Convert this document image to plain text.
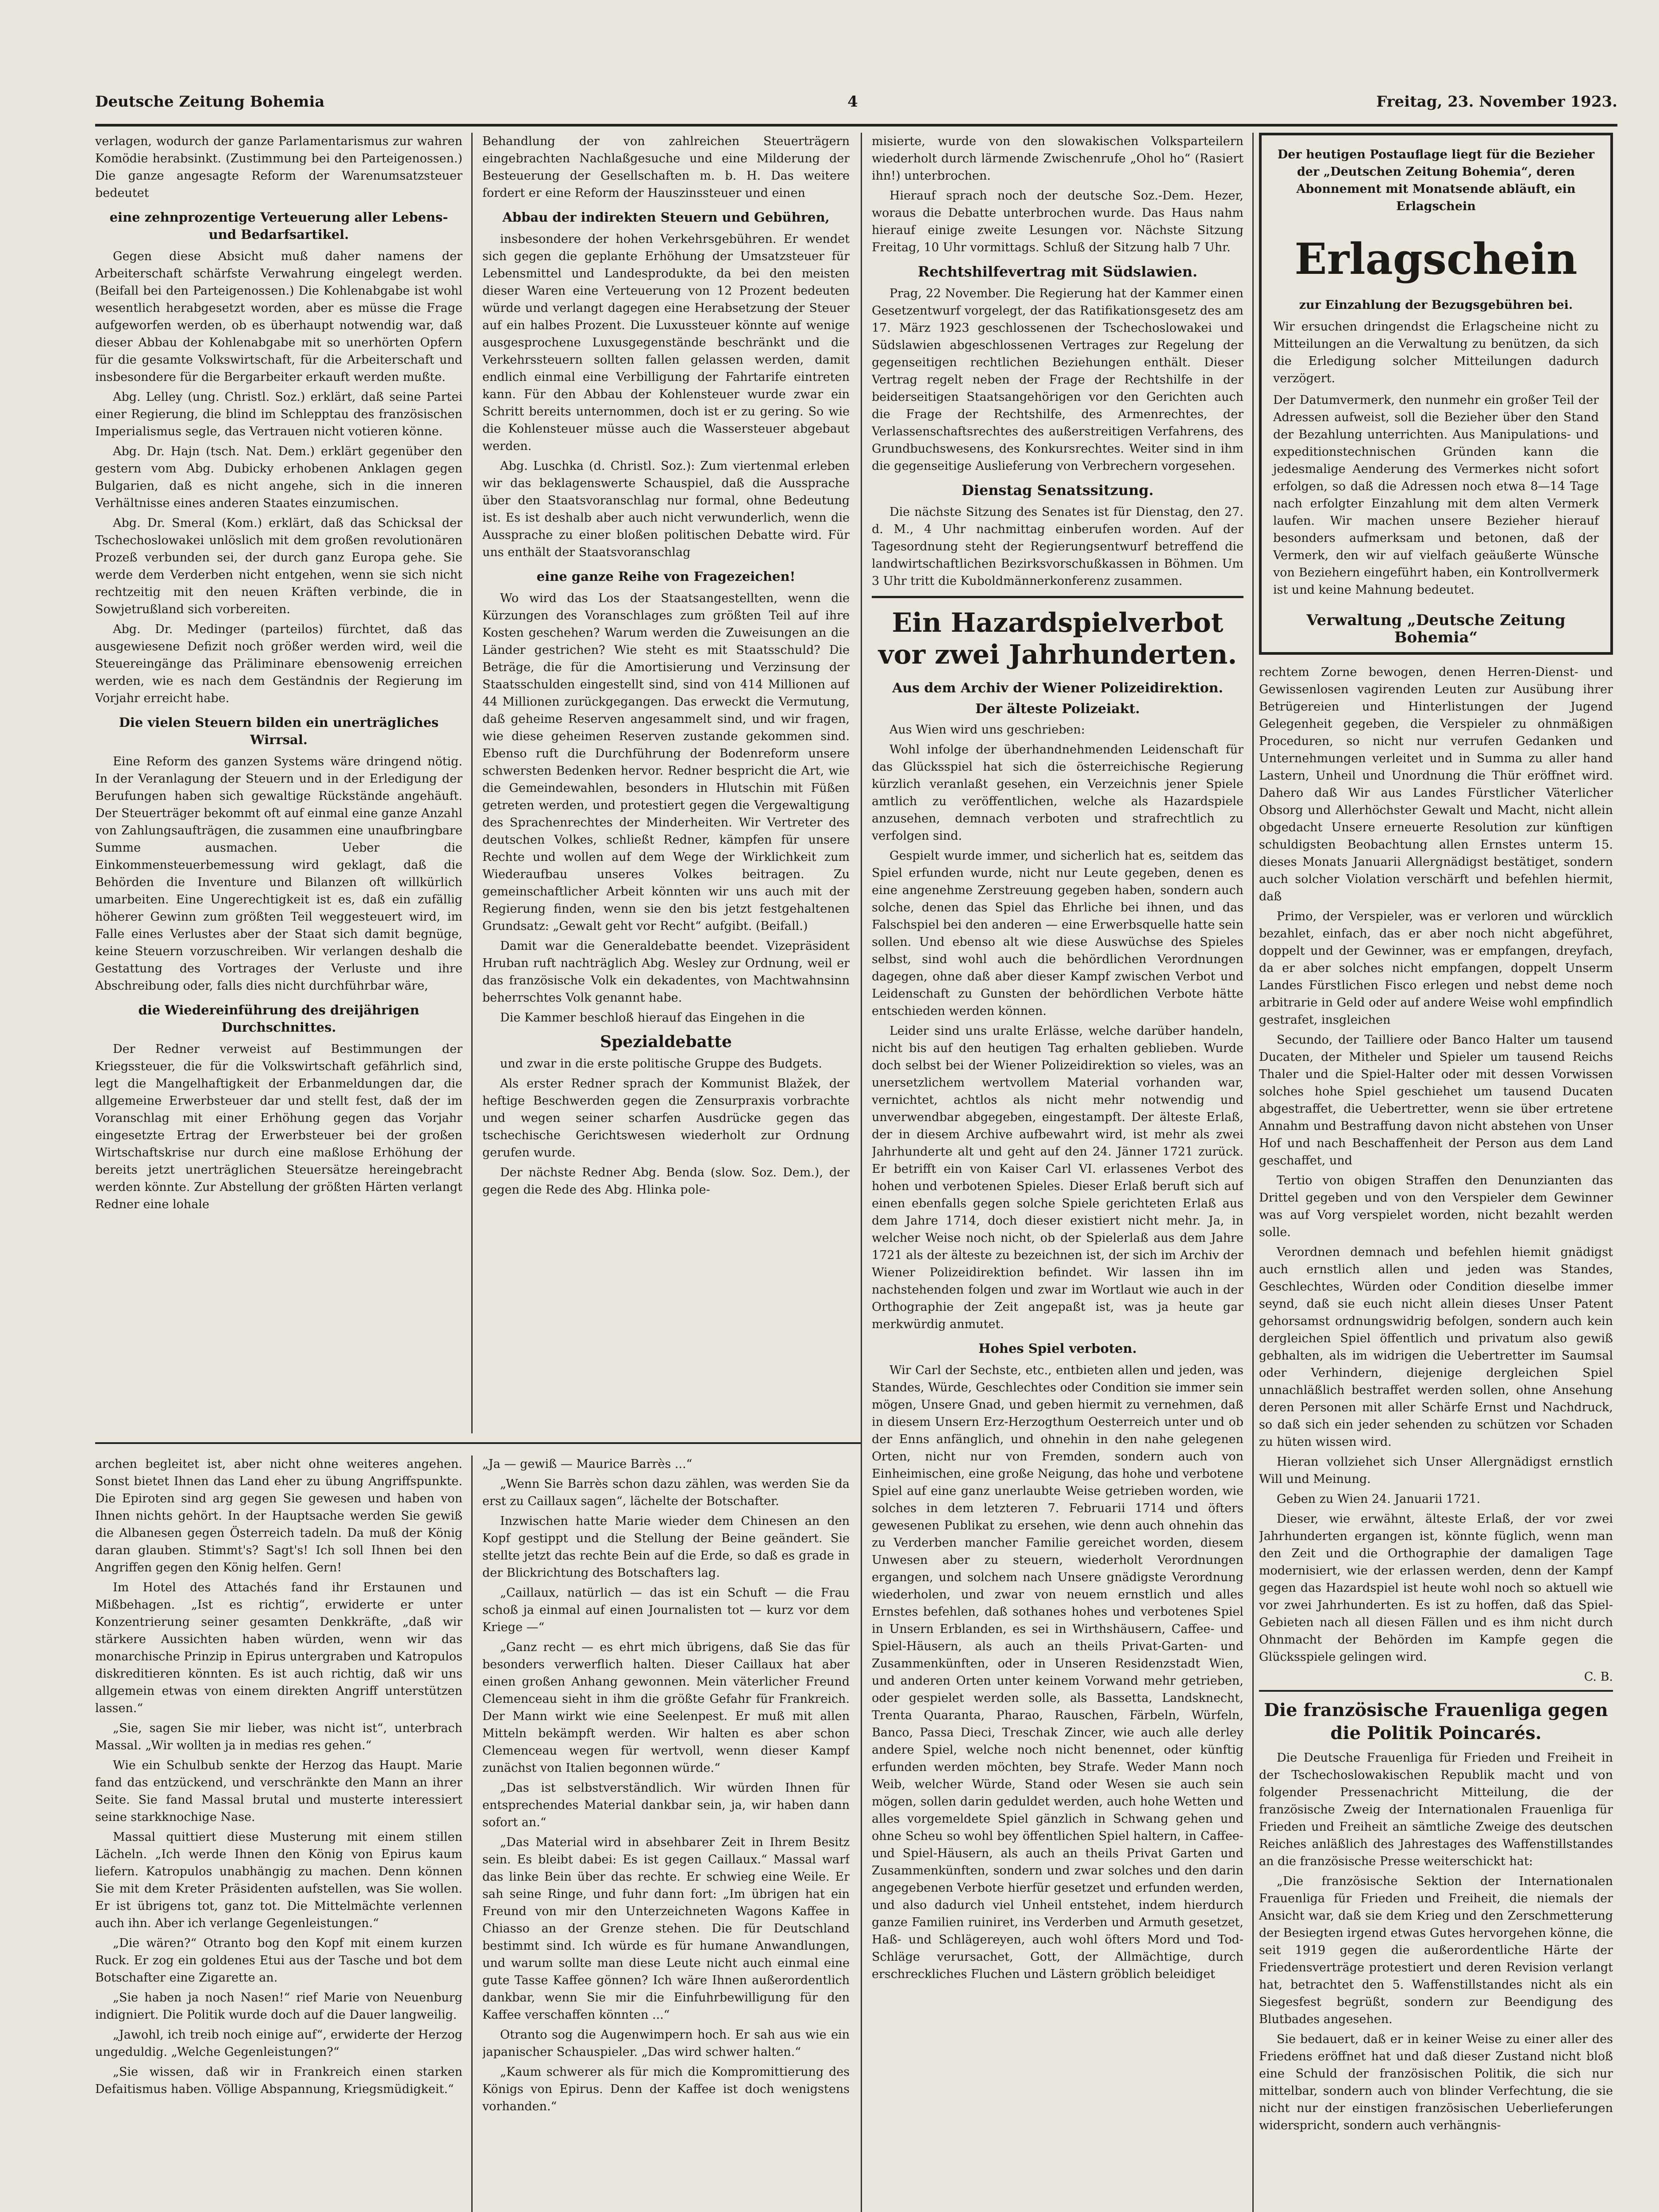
Deutsche Zeitung Bohemia	4	Freitag, 23. November 1923.

verlagen, wodurch der ganze Parlamentarismus zur wahren Komödie herabsinkt. (Zustimmung bei den Parteigenossen.) Die ganze angesagte Reform der Warenumsatzsteuer bedeutet

eine zehnprozentige Verteuerung aller Lebens- und Bedarfsartikel.

Gegen diese Absicht muß daher namens der Arbeiterschaft schärfste Verwahrung eingelegt werden. (Beifall bei den Parteigenossen.) Die Kohlenabgabe ist wohl wesentlich herabgesetzt worden, aber es müsse die Frage aufgeworfen werden, ob es überhaupt notwendig war, daß dieser Abbau der Kohlenabgabe mit so unerhörten Opfern für die gesamte Volkswirtschaft, für die Arbeiterschaft und insbesondere für die Bergarbeiter erkauft werden mußte.

Abg. Lelley (ung. Christl. Soz.) erklärt, daß seine Partei einer Regierung, die blind im Schlepptau des französischen Imperialismus segle, das Vertrauen nicht votieren könne.

Abg. Dr. Hajn (tsch. Nat. Dem.) erklärt gegenüber den gestern vom Abg. Dubicky erhobenen Anklagen gegen Bulgarien, daß es nicht angehe, sich in die inneren Verhältnisse eines anderen Staates einzumischen.

Abg. Dr. Smeral (Kom.) erklärt, daß das Schicksal der Tschechoslowakei unlöslich mit dem großen revolutionären Prozeß verbunden sei, der durch ganz Europa gehe. Sie werde dem Verderben nicht entgehen, wenn sie sich nicht rechtzeitig mit den neuen Kräften verbinde, die in Sowjetrußland sich vorbereiten.

Abg. Dr. Medinger (parteilos) fürchtet, daß das ausgewiesene Defizit noch größer werden wird, weil die Steuereingänge das Präliminare ebensowenig erreichen werden, wie es nach dem Geständnis der Regierung im Vorjahr erreicht habe.

Die vielen Steuern bilden ein unerträgliches Wirrsal.

Eine Reform des ganzen Systems wäre dringend nötig. In der Veranlagung der Steuern und in der Erledigung der Berufungen haben sich gewaltige Rückstände angehäuft. Der Steuerträger bekommt oft auf einmal eine ganze Anzahl von Zahlungsaufträgen, die zusammen eine unaufbringbare Summe ausmachen. Ueber die Einkommensteuerbemessung wird geklagt, daß die Behörden die Inventure und Bilanzen oft willkürlich umarbeiten. Eine Ungerechtigkeit ist es, daß ein zufällig höherer Gewinn zum größten Teil weggesteuert wird, im Falle eines Verlustes aber der Staat sich damit begnüge, keine Steuern vorzuschreiben. Wir verlangen deshalb die Gestattung des Vortrages der Verluste und ihre Abschreibung oder, falls dies nicht durchführbar wäre,

die Wiedereinführung des dreijährigen Durchschnittes.

Der Redner verweist auf Bestimmungen der Kriegssteuer, die für die Volkswirtschaft gefährlich sind, legt die Mangelhaftigkeit der Erbanmeldungen dar, die allgemeine Erwerbsteuer dar und stellt fest, daß der im Voranschlag mit einer Erhöhung gegen das Vorjahr eingesetzte Ertrag der Erwerbsteuer bei der großen Wirtschaftskrise nur durch eine maßlose Erhöhung der bereits jetzt unerträglichen Steuersätze hereingebracht werden könnte. Zur Abstellung der größten Härten verlangt Redner eine lohale

Behandlung der von zahlreichen Steuerträgern eingebrachten Nachlaßgesuche und eine Milderung der Besteuerung der Gesellschaften m. b. H. Das weitere fordert er eine Reform der Hauszinssteuer und einen

Abbau der indirekten Steuern und Gebühren,

insbesondere der hohen Verkehrsgebühren. Er wendet sich gegen die geplante Erhöhung der Umsatzsteuer für Lebensmittel und Landesprodukte, da bei den meisten dieser Waren eine Verteuerung von 12 Prozent bedeuten würde und verlangt dagegen eine Herabsetzung der Steuer auf ein halbes Prozent. Die Luxussteuer könnte auf wenige ausgesprochene Luxusgegenstände beschränkt und die Verkehrssteuern sollten fallen gelassen werden, damit endlich einmal eine Verbilligung der Fahrtarife eintreten kann. Für den Abbau der Kohlensteuer wurde zwar ein Schritt bereits unternommen, doch ist er zu gering. So wie die Kohlensteuer müsse auch die Wassersteuer abgebaut werden.

Abg. Luschka (d. Christl. Soz.): Zum viertenmal erleben wir das beklagenswerte Schauspiel, daß die Aussprache über den Staatsvoranschlag nur formal, ohne Bedeutung ist. Es ist deshalb aber auch nicht verwunderlich, wenn die Aussprache zu einer bloßen politischen Debatte wird. Für uns enthält der Staatsvoranschlag

eine ganze Reihe von Fragezeichen!

Wo wird das Los der Staatsangestellten, wenn die Kürzungen des Voranschlages zum größten Teil auf ihre Kosten geschehen? Warum werden die Zuweisungen an die Länder gestrichen? Wie steht es mit Staatsschuld? Die Beträge, die für die Amortisierung und Verzinsung der Staatsschulden eingestellt sind, sind von 414 Millionen auf 44 Millionen zurückgegangen. Das erweckt die Vermutung, daß geheime Reserven angesammelt sind, und wir fragen, wie diese geheimen Reserven zustande gekommen sind. Ebenso ruft die Durchführung der Bodenreform unsere schwersten Bedenken hervor. Redner bespricht die Art, wie die Gemeindewahlen, besonders in Hlutschin mit Füßen getreten werden, und protestiert gegen die Vergewaltigung des Sprachenrechtes der Minderheiten. Wir Vertreter des deutschen Volkes, schließt Redner, kämpfen für unsere Rechte und wollen auf dem Wege der Wirklichkeit zum Wiederaufbau unseres Volkes beitragen. Zu gemeinschaftlicher Arbeit könnten wir uns auch mit der Regierung finden, wenn sie den bis jetzt festgehaltenen Grundsatz: „Gewalt geht vor Recht“ aufgibt. (Beifall.)

Damit war die Generaldebatte beendet. Vizepräsident Hruban ruft nachträglich Abg. Wesley zur Ordnung, weil er das französische Volk ein dekadentes, von Machtwahnsinn beherrschtes Volk genannt habe.

Die Kammer beschloß hierauf das Eingehen in die

Spezialdebatte

und zwar in die erste politische Gruppe des Budgets.

Als erster Redner sprach der Kommunist Blažek, der heftige Beschwerden gegen die Zensurpraxis vorbrachte und wegen seiner scharfen Ausdrücke gegen das tschechische Gerichtswesen wiederholt zur Ordnung gerufen wurde.

Der nächste Redner Abg. Benda (slow. Soz. Dem.), der gegen die Rede des Abg. Hlinka pole-

archen begleitet ist, aber nicht ohne weiteres angehen. Sonst bietet Ihnen das Land eher zu übung Angriffspunkte. Die Epiroten sind arg gegen Sie gewesen und haben von Ihnen nichts gehört. In der Hauptsache werden Sie gewiß die Albanesen gegen Österreich tadeln. Da muß der König daran glauben. Stimmt's? Sagt's! Ich soll Ihnen bei den Angriffen gegen den König helfen. Gern!

Im Hotel des Attachés fand ihr Erstaunen und Mißbehagen. „Ist es richtig“, erwiderte er unter Konzentrierung seiner gesamten Denkkräfte, „daß wir stärkere Aussichten haben würden, wenn wir das monarchische Prinzip in Epirus untergraben und Katropulos diskreditieren könnten. Es ist auch richtig, daß wir uns allgemein etwas von einem direkten Angriff unterstützen lassen.“

„Sie, sagen Sie mir lieber, was nicht ist“, unterbrach Massal. „Wir wollten ja in medias res gehen.“

Wie ein Schulbub senkte der Herzog das Haupt. Marie fand das entzückend, und verschränkte den Mann an ihrer Seite. Sie fand Massal brutal und musterte interessiert seine starkknochige Nase.

Massal quittiert diese Musterung mit einem stillen Lächeln. „Ich werde Ihnen den König von Epirus kaum liefern. Katropulos unabhängig zu machen. Denn können Sie mit dem Kreter Präsidenten aufstellen, was Sie wollen. Er ist übrigens tot, ganz tot. Die Mittelmächte verlennen auch ihn. Aber ich verlange Gegenleistungen.“

„Die wären?“ Otranto bog den Kopf mit einem kurzen Ruck. Er zog ein goldenes Etui aus der Tasche und bot dem Botschafter eine Zigarette an.

„Sie haben ja noch Nasen!“ rief Marie von Neuenburg indigniert. Die Politik wurde doch auf die Dauer langweilig.

„Jawohl, ich treib noch einige auf“, erwiderte der Herzog ungeduldig. „Welche Gegenleistungen?“

„Sie wissen, daß wir in Frankreich einen starken Defaitismus haben. Völlige Abspannung, Kriegsmüdigkeit.“

„Ja — gewiß — Maurice Barrès ...“

„Wenn Sie Barrès schon dazu zählen, was werden Sie da erst zu Caillaux sagen“, lächelte der Botschafter.

Inzwischen hatte Marie wieder dem Chinesen an den Kopf gestippt und die Stellung der Beine geändert. Sie stellte jetzt das rechte Bein auf die Erde, so daß es grade in der Blickrichtung des Botschafters lag.

„Caillaux, natürlich — das ist ein Schuft — die Frau schoß ja einmal auf einen Journalisten tot — kurz vor dem Kriege —“

„Ganz recht — es ehrt mich übrigens, daß Sie das für besonders verwerflich halten. Dieser Caillaux hat aber einen großen Anhang gewonnen. Mein väterlicher Freund Clemenceau sieht in ihm die größte Gefahr für Frankreich. Der Mann wirkt wie eine Seelenpest. Er muß mit allen Mitteln bekämpft werden. Wir halten es aber schon Clemenceau wegen für wertvoll, wenn dieser Kampf zunächst von Italien begonnen würde.“

„Das ist selbstverständlich. Wir würden Ihnen für entsprechendes Material dankbar sein, ja, wir haben dann sofort an.“

„Das Material wird in absehbarer Zeit in Ihrem Besitz sein. Es bleibt dabei: Es ist gegen Caillaux.“ Massal warf das linke Bein über das rechte. Er schwieg eine Weile. Er sah seine Ringe, und fuhr dann fort: „Im übrigen hat ein Freund von mir den Unterzeichneten Wagons Kaffee in Chiasso an der Grenze stehen. Die für Deutschland bestimmt sind. Ich würde es für humane Anwandlungen, und warum sollte man diese Leute nicht auch einmal eine gute Tasse Kaffee gönnen? Ich wäre Ihnen außerordentlich dankbar, wenn Sie mir die Einfuhrbewilligung für den Kaffee verschaffen könnten ...“

Otranto sog die Augenwimpern hoch. Er sah aus wie ein japanischer Schauspieler. „Das wird schwer halten.“

„Kaum schwerer als für mich die Kompromittierung des Königs von Epirus. Denn der Kaffee ist doch wenigstens vorhanden.“

misierte, wurde von den slowakischen Volksparteilern wiederholt durch lärmende Zwischenrufe „Ohol ho“ (Rasiert ihn!) unterbrochen.

Hierauf sprach noch der deutsche Soz.-Dem. Hezer, woraus die Debatte unterbrochen wurde. Das Haus nahm hierauf einige zweite Lesungen vor. Nächste Sitzung Freitag, 10 Uhr vormittags. Schluß der Sitzung halb 7 Uhr.

Rechtshilfevertrag mit Südslawien.

Prag, 22 November. Die Regierung hat der Kammer einen Gesetzentwurf vorgelegt, der das Ratifikationsgesetz des am 17. März 1923 geschlossenen der Tschechoslowakei und Südslawien abgeschlossenen Vertrages zur Regelung der gegenseitigen rechtlichen Beziehungen enthält. Dieser Vertrag regelt neben der Frage der Rechtshilfe in der beiderseitigen Staatsangehörigen vor den Gerichten auch die Frage der Rechtshilfe, des Armenrechtes, der Verlassenschaftsrechtes des außerstreitigen Verfahrens, des Grundbuchswesens, des Konkursrechtes. Weiter sind in ihm die gegenseitige Auslieferung von Verbrechern vorgesehen.

Dienstag Senatssitzung.

Die nächste Sitzung des Senates ist für Dienstag, den 27. d. M., 4 Uhr nachmittag einberufen worden. Auf der Tagesordnung steht der Regierungsentwurf betreffend die landwirtschaftlichen Bezirksvorschußkassen in Böhmen. Um 3 Uhr tritt die Kuboldmännerkonferenz zusammen.

Ein Hazardspielverbot vor zwei Jahrhunderten.
Aus dem Archiv der Wiener Polizeidirektion.
Der älteste Polizeiakt.

Aus Wien wird uns geschrieben:

Wohl infolge der überhandnehmenden Leidenschaft für das Glücksspiel hat sich die österreichische Regierung kürzlich veranlaßt gesehen, ein Verzeichnis jener Spiele amtlich zu veröffentlichen, welche als Hazardspiele anzusehen, demnach verboten und strafrechtlich zu verfolgen sind.

Gespielt wurde immer, und sicherlich hat es, seitdem das Spiel erfunden wurde, nicht nur Leute gegeben, denen es eine angenehme Zerstreuung gegeben haben, sondern auch solche, denen das Spiel das Ehrliche bei ihnen, und das Falschspiel bei den anderen — eine Erwerbsquelle hatte sein sollen. Und ebenso alt wie diese Auswüchse des Spieles selbst, sind wohl auch die behördlichen Verordnungen dagegen, ohne daß aber dieser Kampf zwischen Verbot und Leidenschaft zu Gunsten der behördlichen Verbote hätte entschieden werden können.

Leider sind uns uralte Erlässe, welche darüber handeln, nicht bis auf den heutigen Tag erhalten geblieben. Wurde doch selbst bei der Wiener Polizeidirektion so vieles, was an unersetzlichem wertvollem Material vorhanden war, vernichtet, achtlos als nicht mehr notwendig und unverwendbar abgegeben, eingestampft. Der älteste Erlaß, der in diesem Archive aufbewahrt wird, ist mehr als zwei Jahrhunderte alt und geht auf den 24. Jänner 1721 zurück. Er betrifft ein von Kaiser Carl VI. erlassenes Verbot des hohen und verbotenen Spieles. Dieser Erlaß beruft sich auf einen ebenfalls gegen solche Spiele gerichteten Erlaß aus dem Jahre 1714, doch dieser existiert nicht mehr. Ja, in welcher Weise noch nicht, ob der Spielerlaß aus dem Jahre 1721 als der älteste zu bezeichnen ist, der sich im Archiv der Wiener Polizeidirektion befindet. Wir lassen ihn im nachstehenden folgen und zwar im Wortlaut wie auch in der Orthographie der Zeit angepaßt ist, was ja heute gar merkwürdig anmutet.

Hohes Spiel verboten.

Wir Carl der Sechste, etc., entbieten allen und jeden, was Standes, Würde, Geschlechtes oder Condition sie immer sein mögen, Unsere Gnad, und geben hiermit zu vernehmen, daß in diesem Unsern Erz-Herzogthum Oesterreich unter und ob der Enns anfänglich, und ohnehin in den nahe gelegenen Orten, nicht nur von Fremden, sondern auch von Einheimischen, eine große Neigung, das hohe und verbotene Spiel auf eine ganz unerlaubte Weise getrieben worden, wie solches in dem letzteren 7. Februarii 1714 und öfters gewesenen Publikat zu ersehen, wie denn auch ohnehin das zu Verderben mancher Familie gereichet worden, diesem Unwesen aber zu steuern, wiederholt Verordnungen ergangen, und solchem nach Unsere gnädigste Verordnung wiederholen, und zwar von neuem ernstlich und alles Ernstes befehlen, daß sothanes hohes und verbotenes Spiel in Unsern Erblanden, es sei in Wirthshäusern, Caffee- und Spiel-Häusern, als auch an theils Privat-Garten- und Zusammenkünften, oder in Unseren Residenzstadt Wien, und anderen Orten unter keinem Vorwand mehr getrieben, oder gespielet werden solle, als Bassetta, Landsknecht, Trenta Quaranta, Pharao, Rauschen, Färbeln, Würfeln, Banco, Passa Dieci, Treschak Zincer, wie auch alle derley andere Spiel, welche noch nicht benennet, oder künftig erfunden werden möchten, bey Strafe. Weder Mann noch Weib, welcher Würde, Stand oder Wesen sie auch sein mögen, sollen darin geduldet werden, auch hohe Wetten und alles vorgemeldete Spiel gänzlich in Schwang gehen und ohne Scheu so wohl bey öffentlichen Spiel haltern, in Caffee- und Spiel-Häusern, als auch an theils Privat Garten und Zusammenkünften, sondern und zwar solches und den darin angegebenen Verbote hierfür gesetzet und erfunden werden, und also dadurch viel Unheil entstehet, indem hierdurch ganze Familien ruiniret, ins Verderben und Armuth gesetzet, Haß- und Schlägereyen, auch wohl öfters Mord und Tod-Schläge verursachet, Gott, der Allmächtige, durch erschreckliches Fluchen und Lästern gröblich beleidiget

Der heutigen Postauflage liegt für die Bezieher der „Deutschen Zeitung Bohemia“, deren Abonnement mit Monatsende abläuft, ein Erlagschein

Erlagschein

zur Einzahlung der Bezugsgebühren bei.

Wir ersuchen dringendst die Erlagscheine nicht zu Mitteilungen an die Verwaltung zu benützen, da sich die Erledigung solcher Mitteilungen dadurch verzögert.

Der Datumvermerk, den nunmehr ein großer Teil der Adressen aufweist, soll die Bezieher über den Stand der Bezahlung unterrichten. Aus Manipulations- und expeditionstechnischen Gründen kann die jedesmalige Aenderung des Vermerkes nicht sofort erfolgen, so daß die Adressen noch etwa 8—14 Tage nach erfolgter Einzahlung mit dem alten Vermerk laufen. Wir machen unsere Bezieher hierauf besonders aufmerksam und betonen, daß der Vermerk, den wir auf vielfach geäußerte Wünsche von Beziehern eingeführt haben, ein Kontrollvermerk ist und keine Mahnung bedeutet.

Verwaltung „Deutsche Zeitung Bohemia“

rechtem Zorne bewogen, denen Herren-Dienst- und Gewissenlosen vagirenden Leuten zur Ausübung ihrer Betrügereien und Hinterlistungen der Jugend Gelegenheit gegeben, die Verspieler zu ohnmäßigen Proceduren, so nicht nur verrufen Gedanken und Unternehmungen verleitet und in Summa zu aller hand Lastern, Unheil und Unordnung die Thür eröffnet wird. Dahero daß Wir aus Landes Fürstlicher Väterlicher Obsorg und Allerhöchster Gewalt und Macht, nicht allein obgedacht Unsere erneuerte Resolution zur künftigen schuldigsten Beobachtung allen Ernstes unterm 15. dieses Monats Januarii Allergnädigst bestätiget, sondern auch solcher Violation verschärft und befehlen hiermit, daß

Primo, der Verspieler, was er verloren und würcklich bezahlet, einfach, das er aber noch nicht abgeführet, doppelt und der Gewinner, was er empfangen, dreyfach, da er aber solches nicht empfangen, doppelt Unserm Landes Fürstlichen Fisco erlegen und nebst deme noch arbitrarie in Geld oder auf andere Weise wohl empfindlich gestrafet, insgleichen

Secundo, der Tailliere oder Banco Halter um tausend Ducaten, der Mitheler und Spieler um tausend Reichs Thaler und die Spiel-Halter oder mit dessen Vorwissen solches hohe Spiel geschiehet um tausend Ducaten abgestraffet, die Uebertretter, wenn sie über ertretene Annahm und Bestraffung davon nicht abstehen von Unser Hof und nach Beschaffenheit der Person aus dem Land geschaffet, und

Tertio von obigen Straffen den Denunzianten das Drittel gegeben und von den Verspieler dem Gewinner was auf Vorg verspielet worden, nicht bezahlt werden solle.

Verordnen demnach und befehlen hiemit gnädigst auch ernstlich allen und jeden was Standes, Geschlechtes, Würden oder Condition dieselbe immer seynd, daß sie euch nicht allein dieses Unser Patent gehorsamst ordnungswidrig befolgen, sondern auch kein dergleichen Spiel öffentlich und privatum also gewiß gebhalten, als im widrigen die Uebertretter im Saumsal oder Verhindern, diejenige dergleichen Spiel unnachläßlich bestraffet werden sollen, ohne Ansehung deren Personen mit aller Schärfe Ernst und Nachdruck, so daß sich ein jeder sehenden zu schützen vor Schaden zu hüten wissen wird.

Hieran vollziehet sich Unser Allergnädigst ernstlich Will und Meinung.

Geben zu Wien 24. Januarii 1721.

Dieser, wie erwähnt, älteste Erlaß, der vor zwei Jahrhunderten ergangen ist, könnte füglich, wenn man den Zeit und die Orthographie der damaligen Tage modernisiert, wie der erlassen werden, denn der Kampf gegen das Hazardspiel ist heute wohl noch so aktuell wie vor zwei Jahrhunderten. Es ist zu hoffen, daß das Spiel-Gebieten nach all diesen Fällen und es ihm nicht durch Ohnmacht der Behörden im Kampfe gegen die Glücksspiele gelingen wird.

C. B.

Die französische Frauenliga gegen die Politik Poincarés.

Die Deutsche Frauenliga für Frieden und Freiheit in der Tschechoslowakischen Republik macht und von folgender Pressenachricht Mitteilung, die der französische Zweig der Internationalen Frauenliga für Frieden und Freiheit an sämtliche Zweige des deutschen Reiches anläßlich des Jahrestages des Waffenstillstandes an die französische Presse weiterschickt hat:

„Die französische Sektion der Internationalen Frauenliga für Frieden und Freiheit, die niemals der Ansicht war, daß sie dem Krieg und den Zerschmetterung der Besiegten irgend etwas Gutes hervorgehen könne, die seit 1919 gegen die außerordentliche Härte der Friedensverträge protestiert und deren Revision verlangt hat, betrachtet den 5. Waffenstillstandes nicht als ein Siegesfest begrüßt, sondern zur Beendigung des Blutbades angesehen.

Sie bedauert, daß er in keiner Weise zu einer aller des Friedens eröffnet hat und daß dieser Zustand nicht bloß eine Schuld der französischen Politik, die sich nur mittelbar, sondern auch von blinder Verfechtung, die sie nicht nur der einstigen französischen Ueberlieferungen widerspricht, sondern auch verhängnis-
